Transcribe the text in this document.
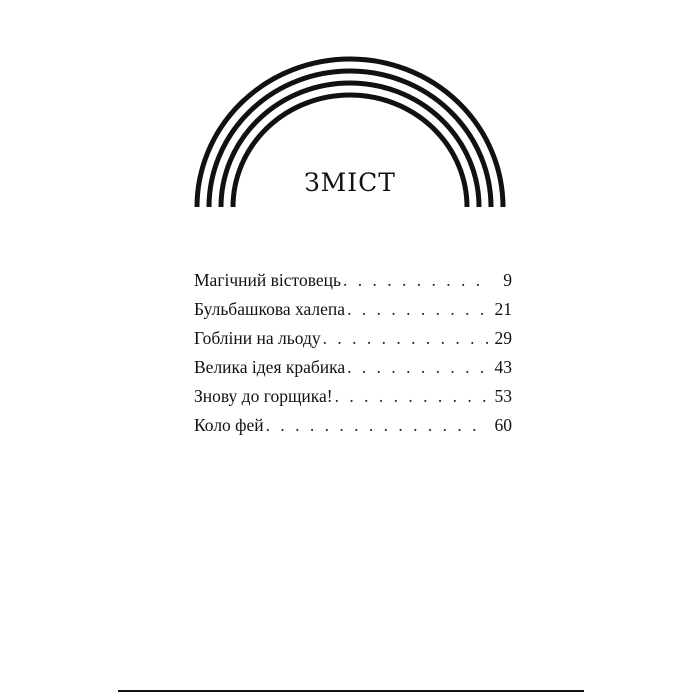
ЗМІСТ
Магічний вістовець . . .	9
Бульбашкова халепа . . .	21
Гобліни на льоду . . .	29
Велика ідея крабика . . .	43
Знову до горщика! . . .	53
Коло фей . . .	60
